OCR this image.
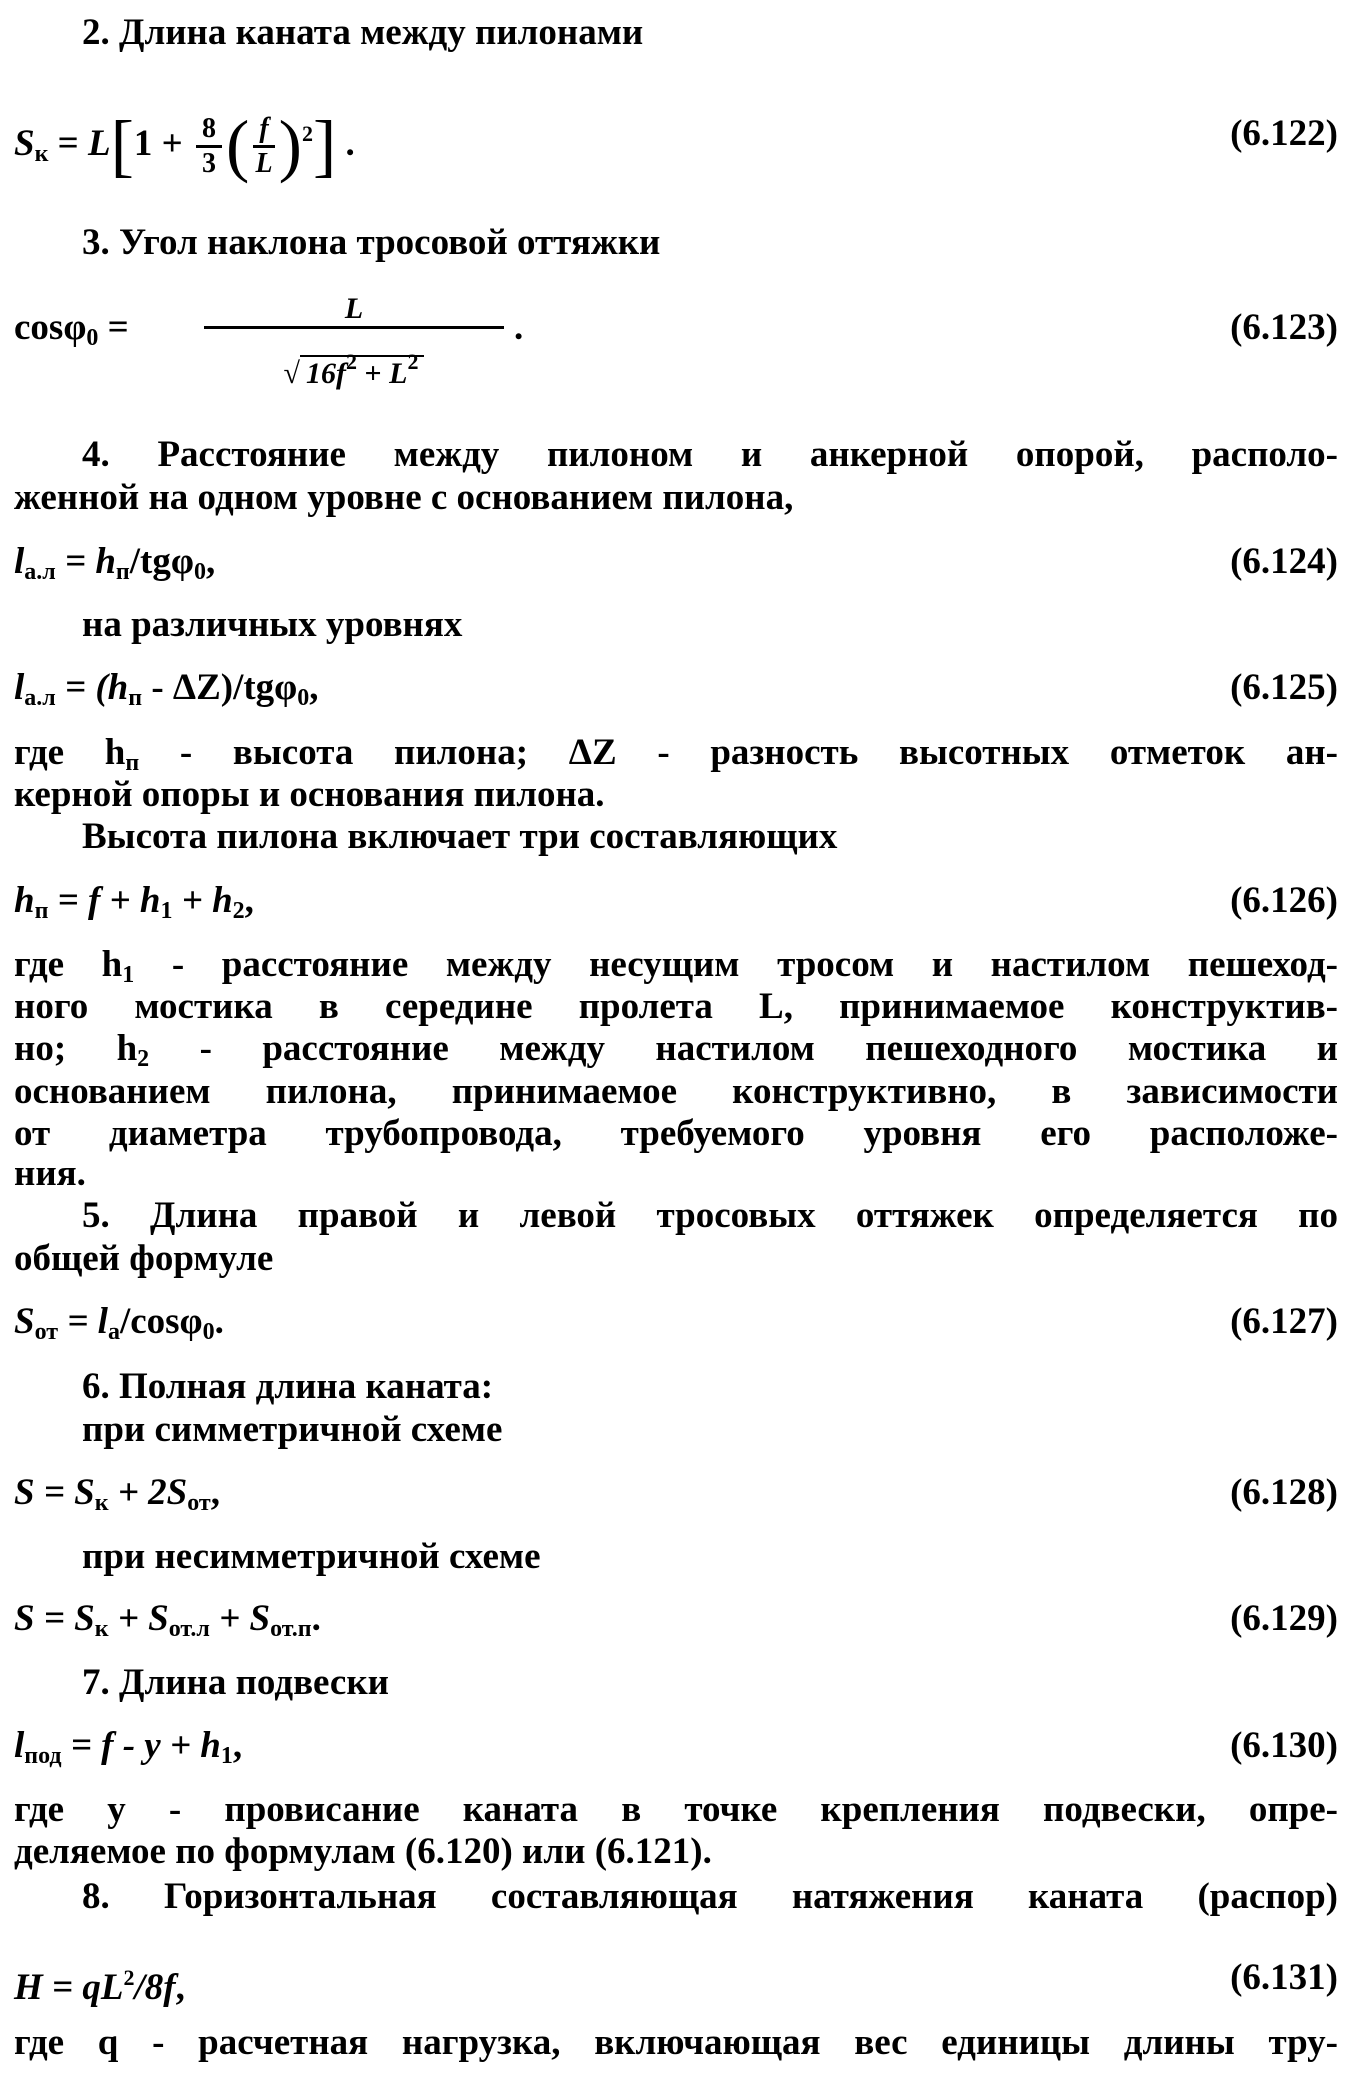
2. Длина каната между пилонами
$S_к = L[1 + \frac{8}{3}$ ( $\frac{f}{L} )^2$] .	(6.122)
3. Угол наклона тросовой оттяжки
cosφ$_0$ =	L
√ $16f^2 + L^2$
.	(6.123)
4. Расстояние между пилоном и анкерной опорой, располо-
женной на одном уровне с основанием пилона,
$l_{а.л} = h_п/tg\varphi_0$,	(6.124)
на различных уровнях
$l_{а.л} = (h_п - \Delta Z)/tg\varphi_0$,	(6.125)
где $h_п$ - высота пилона; ΔZ - разность высотных отметок ан-
керной опоры и основания пилона.
Высота пилона включает три составляющих
$h_п = f + h_1 + h_2$,	(6.126)
где $h_1$ - расстояние между несущим тросом и настилом пешеход-
ного мостика в середине пролета L, принимаемое конструктив-
но; $h_2$ - расстояние между настилом пешеходного мостика и
основанием пилона, принимаемое конструктивно, в зависимости
от диаметра трубопровода, требуемого уровня его расположе-
ния.
5. Длина правой и левой тросовых оттяжек определяется по
общей формуле
$S_{от} = l_а/\cos\varphi_0$.	(6.127)
6. Полная длина каната:
при симметричной схеме
$S = S_к + 2S_{от}$,	(6.128)
при несимметричной схеме
$S = S_к + S_{от.л} + S_{от.п}$.	(6.129)
7. Длина подвески
$l_{под} = f - y + h_1$,	(6.130)
где y - провисание каната в точке крепления подвески, опре-
деляемое по формулам (6.120) или (6.121).
8. Горизонтальная составляющая натяжения каната (распор)
$H = qL^2/8f$,	(6.131)
где q - расчетная нагрузка, включающая вес единицы длины тру-
